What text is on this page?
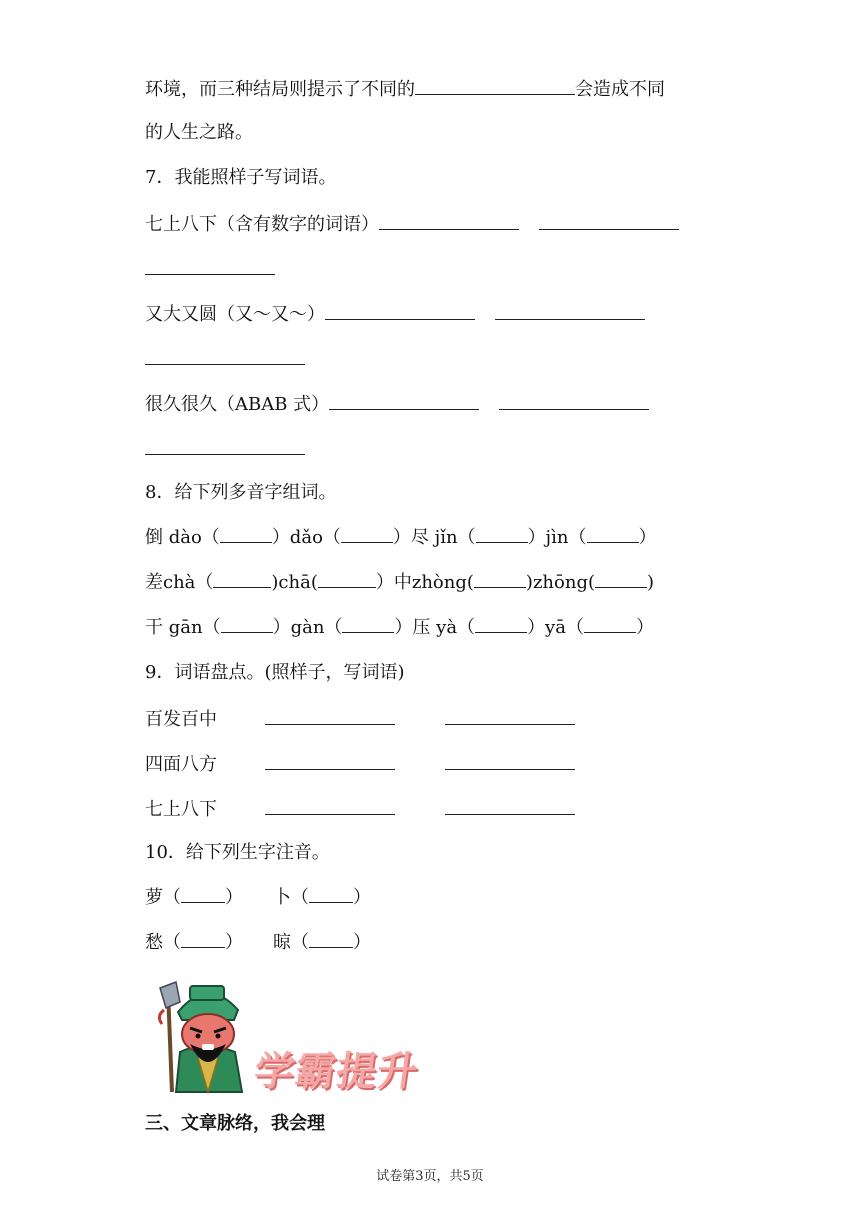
环境，而三种结局则提示了不同的	会造成不同
的人生之路。
7．我能照样子写词语。
七上八下（含有数字的词语）
又大又圆（又～又～）
很久很久（ABAB 式）
8．给下列多音字组词。
倒 dào（	）dǎo（	）尽 jǐn（	）jìn（	）
差chà（	)chā(	）中zhòng(	)zhōng(	)
干 gān（	）gàn（	）压 yà（	）yā（	）
9．词语盘点。(照样子，写词语)
百发百中
四面八方
七上八下
10．给下列生字注音。
萝（ ） 卜（ ）
愁（ ） 晾（ ）
学霸提升
三、文章脉络，我会理
试卷第3页，共5页
